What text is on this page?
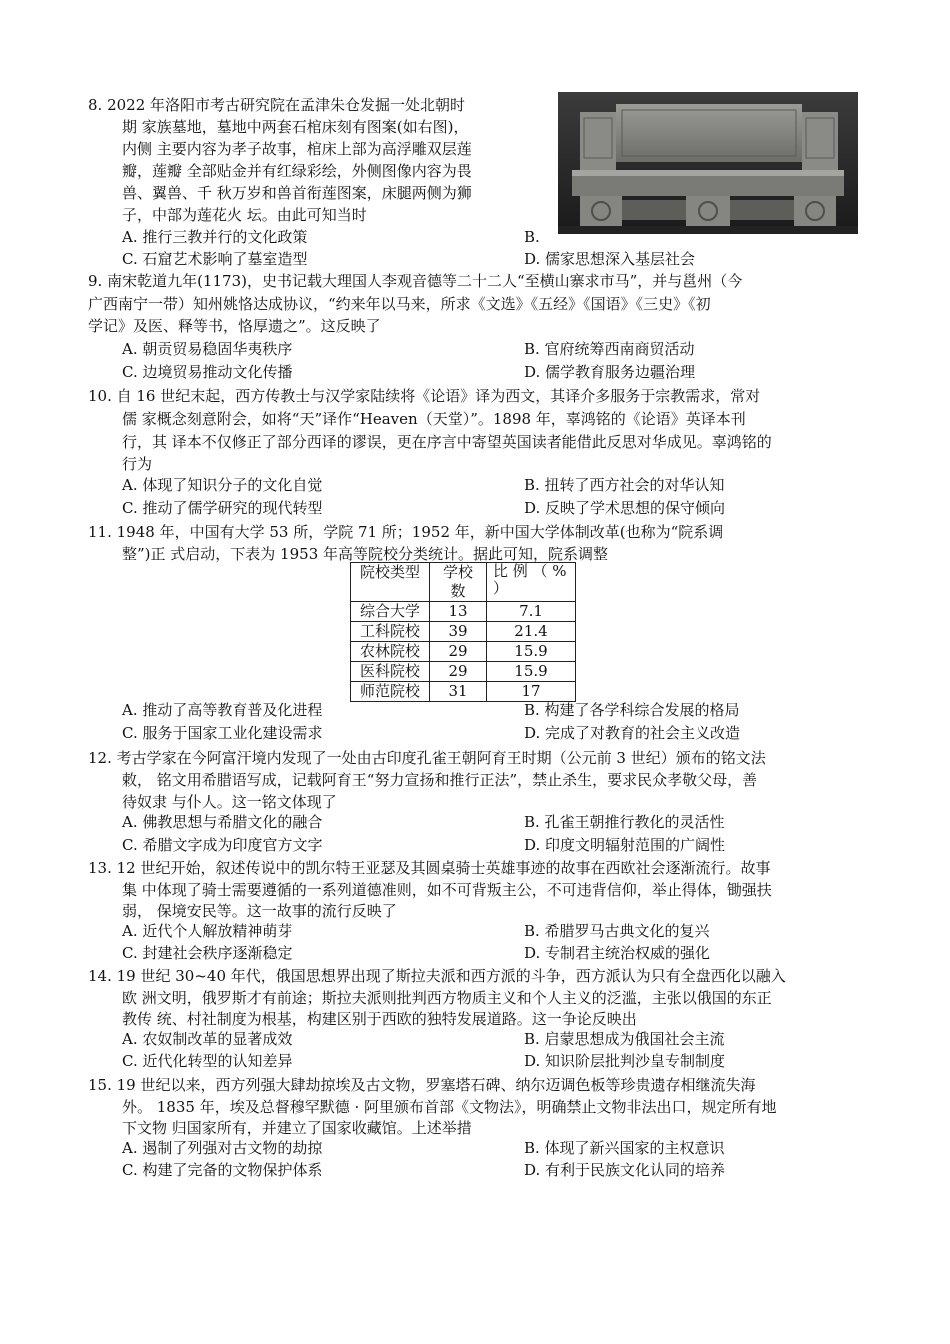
8. 2022 年洛阳市考古研究院在孟津朱仓发掘一处北朝时
期 家族墓地，墓地中两套石棺床刻有图案(如右图)，
内侧 主要内容为孝子故事，棺床上部为高浮雕双层莲
瓣，莲瓣 全部贴金并有红绿彩绘，外侧图像内容为畏
兽、翼兽、千 秋万岁和兽首衔莲图案，床腿两侧为狮
子，中部为莲花火 坛。由此可知当时
A. 推行三教并行的文化政策	B.
C. 石窟艺术影响了墓室造型	D. 儒家思想深入基层社会
9. 南宋乾道九年(1173)，史书记载大理国人李观音德等二十二人“至横山寨求市马”，并与邕州（今
广西南宁一带）知州姚恪达成协议，“约来年以马来，所求《文选》《五经》《国语》《三史》《初
学记》及医、释等书，恪厚遗之”。这反映了
A. 朝贡贸易稳固华夷秩序	B. 官府统筹西南商贸活动
C. 边境贸易推动文化传播	D. 儒学教育服务边疆治理
10. 自 16 世纪末起，西方传教士与汉学家陆续将《论语》译为西文，其译介多服务于宗教需求，常对
儒 家概念刻意附会，如将“天”译作“Heaven（天堂）”。1898 年，辜鸿铭的《论语》英译本刊
行，其 译本不仅修正了部分西译的谬误，更在序言中寄望英国读者能借此反思对华成见。辜鸿铭的
行为
A. 体现了知识分子的文化自觉	B. 扭转了西方社会的对华认知
C. 推动了儒学研究的现代转型	D. 反映了学术思想的保守倾向
11. 1948 年，中国有大学 53 所，学院 71 所；1952 年，新中国大学体制改革(也称为“院系调
整”)正 式启动，下表为 1953 年高等院校分类统计。据此可知，院系调整
院校类型	学校数	比 例 （ %
）
综合大学	13	7.1
工科院校	39	21.4
农林院校	29	15.9
医科院校	29	15.9
师范院校	31	17
A. 推动了高等教育普及化进程	B. 构建了各学科综合发展的格局
C. 服务于国家工业化建设需求	D. 完成了对教育的社会主义改造
12. 考古学家在今阿富汗境内发现了一处由古印度孔雀王朝阿育王时期（公元前 3 世纪）颁布的铭文法
敕， 铭文用希腊语写成，记载阿育王“努力宣扬和推行正法”，禁止杀生，要求民众孝敬父母，善
待奴隶 与仆人。这一铭文体现了
A. 佛教思想与希腊文化的融合	B. 孔雀王朝推行教化的灵活性
C. 希腊文字成为印度官方文字	D. 印度文明辐射范围的广阔性
13. 12 世纪开始，叙述传说中的凯尔特王亚瑟及其圆桌骑士英雄事迹的故事在西欧社会逐渐流行。故事
集 中体现了骑士需要遵循的一系列道德准则，如不可背叛主公，不可违背信仰，举止得体，锄强扶
弱， 保境安民等。这一故事的流行反映了
A. 近代个人解放精神萌芽	B. 希腊罗马古典文化的复兴
C. 封建社会秩序逐渐稳定	D. 专制君主统治权威的强化
14. 19 世纪 30~40 年代，俄国思想界出现了斯拉夫派和西方派的斗争，西方派认为只有全盘西化以融入
欧 洲文明，俄罗斯才有前途；斯拉夫派则批判西方物质主义和个人主义的泛滥，主张以俄国的东正
教传 统、村社制度为根基，构建区别于西欧的独特发展道路。这一争论反映出
A. 农奴制改革的显著成效	B. 启蒙思想成为俄国社会主流
C. 近代化转型的认知差异	D. 知识阶层批判沙皇专制制度
15. 19 世纪以来，西方列强大肆劫掠埃及古文物，罗塞塔石碑、纳尔迈调色板等珍贵遗存相继流失海
外。 1835 年，埃及总督穆罕默德 · 阿里颁布首部《文物法》，明确禁止文物非法出口，规定所有地
下文物 归国家所有，并建立了国家收藏馆。上述举措
A. 遏制了列强对古文物的劫掠	B. 体现了新兴国家的主权意识
C. 构建了完备的文物保护体系	D. 有利于民族文化认同的培养
